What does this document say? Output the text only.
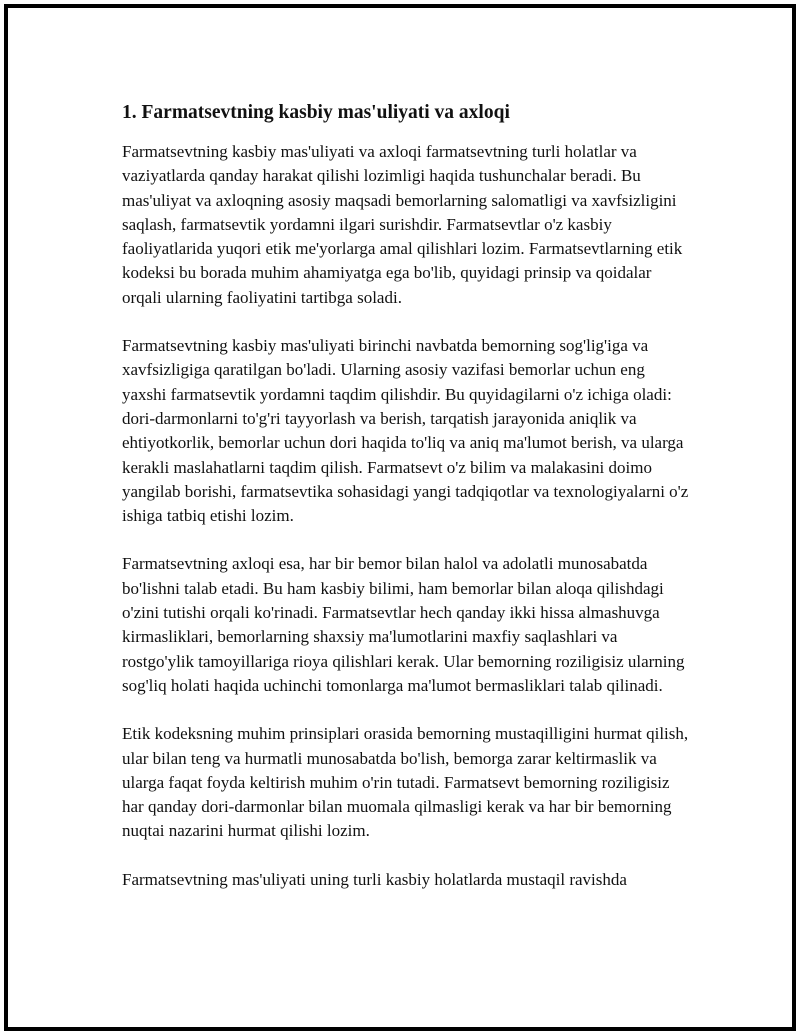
1. Farmatsevtning kasbiy mas'uliyati va axloqi

Farmatsevtning kasbiy mas'uliyati va axloqi farmatsevtning turli holatlar va vaziyatlarda qanday harakat qilishi lozimligi haqida tushunchalar beradi. Bu mas'uliyat va axloqning asosiy maqsadi bemorlarning salomatligi va xavfsizligini saqlash, farmatsevtik yordamni ilgari surishdir. Farmatsevtlar o'z kasbiy faoliyatlarida yuqori etik me'yorlarga amal qilishlari lozim. Farmatsevtlarning etik kodeksi bu borada muhim ahamiyatga ega bo'lib, quyidagi prinsip va qoidalar orqali ularning faoliyatini tartibga soladi.

Farmatsevtning kasbiy mas'uliyati birinchi navbatda bemorning sog'lig'iga va xavfsizligiga qaratilgan bo'ladi. Ularning asosiy vazifasi bemorlar uchun eng yaxshi farmatsevtik yordamni taqdim qilishdir. Bu quyidagilarni o'z ichiga oladi: dori-darmonlarni to'g'ri tayyorlash va berish, tarqatish jarayonida aniqlik va ehtiyotkorlik, bemorlar uchun dori haqida to'liq va aniq ma'lumot berish, va ularga kerakli maslahatlarni taqdim qilish. Farmatsevt o'z bilim va malakasini doimo yangilab borishi, farmatsevtika sohasidagi yangi tadqiqotlar va texnologiyalarni o'z ishiga tatbiq etishi lozim.

Farmatsevtning axloqi esa, har bir bemor bilan halol va adolatli munosabatda bo'lishni talab etadi. Bu ham kasbiy bilimi, ham bemorlar bilan aloqa qilishdagi o'zini tutishi orqali ko'rinadi. Farmatsevtlar hech qanday ikki hissa almashuvga kirmasliklari, bemorlarning shaxsiy ma'lumotlarini maxfiy saqlashlari va rostgo'ylik tamoyillariga rioya qilishlari kerak. Ular bemorning roziligisiz ularning sog'liq holati haqida uchinchi tomonlarga ma'lumot bermasliklari talab qilinadi.

Etik kodeksning muhim prinsiplari orasida bemorning mustaqilligini hurmat qilish, ular bilan teng va hurmatli munosabatda bo'lish, bemorga zarar keltirmaslik va ularga faqat foyda keltirish muhim o'rin tutadi. Farmatsevt bemorning roziligisiz har qanday dori-darmonlar bilan muomala qilmasligi kerak va har bir bemorning nuqtai nazarini hurmat qilishi lozim.

Farmatsevtning mas'uliyati uning turli kasbiy holatlarda mustaqil ravishda
